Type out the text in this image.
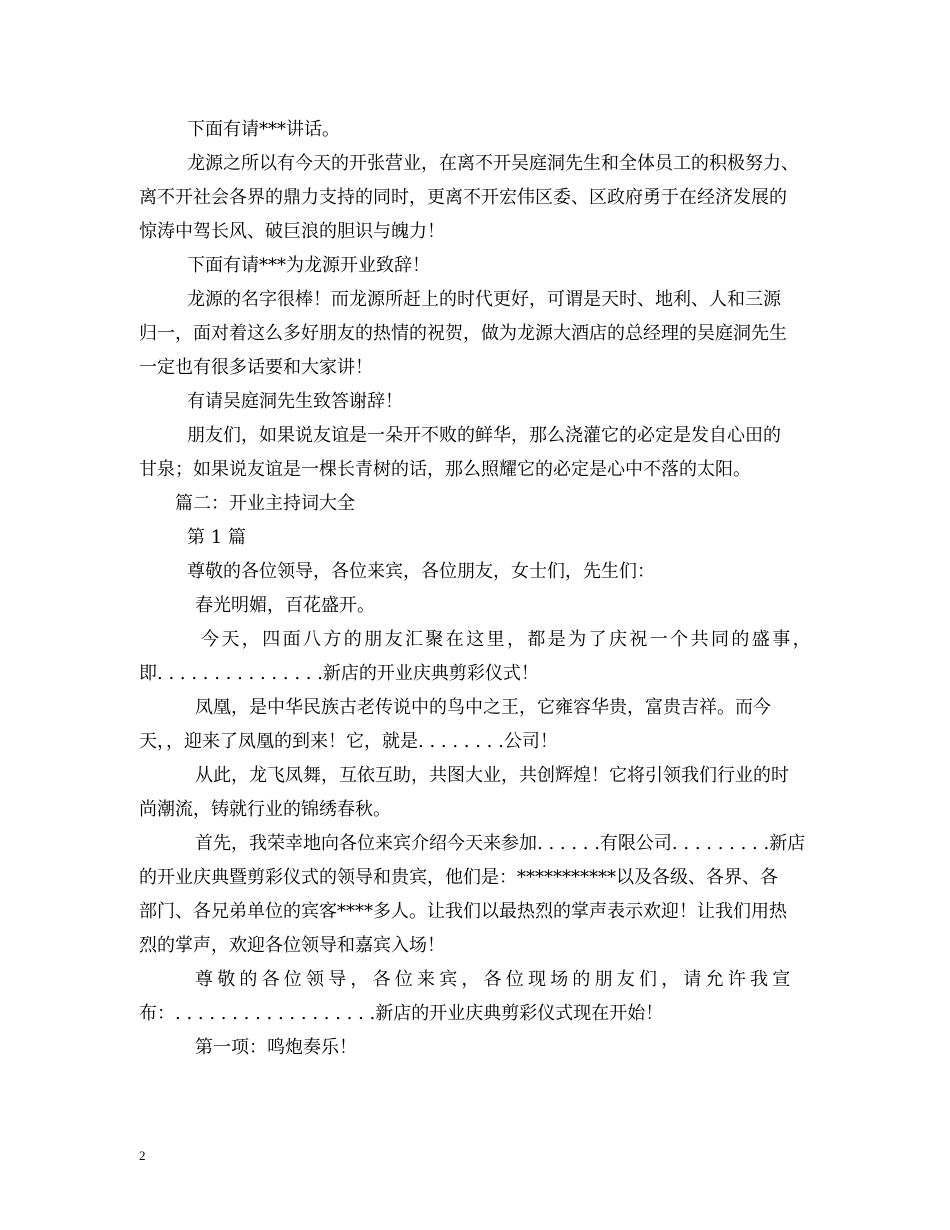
下面有请***讲话。
龙源之所以有今天的开张营业，在离不开吴庭洞先生和全体员工的积极努力、
离不开社会各界的鼎力支持的同时，更离不开宏伟区委、区政府勇于在经济发展的
惊涛中驾长风、破巨浪的胆识与魄力！
下面有请***为龙源开业致辞！
龙源的名字很棒！而龙源所赶上的时代更好，可谓是天时、地利、人和三源
归一，面对着这么多好朋友的热情的祝贺，做为龙源大酒店的总经理的吴庭洞先生
一定也有很多话要和大家讲！
有请吴庭洞先生致答谢辞！
朋友们，如果说友谊是一朵开不败的鲜华，那么浇灌它的必定是发自心田的
甘泉；如果说友谊是一棵长青树的话，那么照耀它的必定是心中不落的太阳。
篇二：开业主持词大全
第 1 篇
尊敬的各位领导，各位来宾，各位朋友，女士们，先生们：
春光明媚，百花盛开。
今天，四面八方的朋友汇聚在这里，都是为了庆祝一个共同的盛事，
即. . . . . . . . . . . . . . .新店的开业庆典剪彩仪式！
凤凰，是中华民族古老传说中的鸟中之王，它雍容华贵，富贵吉祥。而今
天，，迎来了凤凰的到来！它，就是. . . . . . . .公司！
从此，龙飞凤舞，互依互助，共图大业，共创辉煌！它将引领我们行业的时
尚潮流，铸就行业的锦绣春秋。
首先，我荣幸地向各位来宾介绍今天来参加. . . . . .有限公司. . . . . . . . .新店
的开业庆典暨剪彩仪式的领导和贵宾，他们是：***********以及各级、各界、各
部门、各兄弟单位的宾客****多人。让我们以最热烈的掌声表示欢迎！让我们用热
烈的掌声，欢迎各位领导和嘉宾入场！
尊敬的各位领导，各位来宾，各位现场的朋友们，请允许我宣
布：. . . . . . . . . . . . . . . . . .新店的开业庆典剪彩仪式现在开始！
第一项：鸣炮奏乐！
2
